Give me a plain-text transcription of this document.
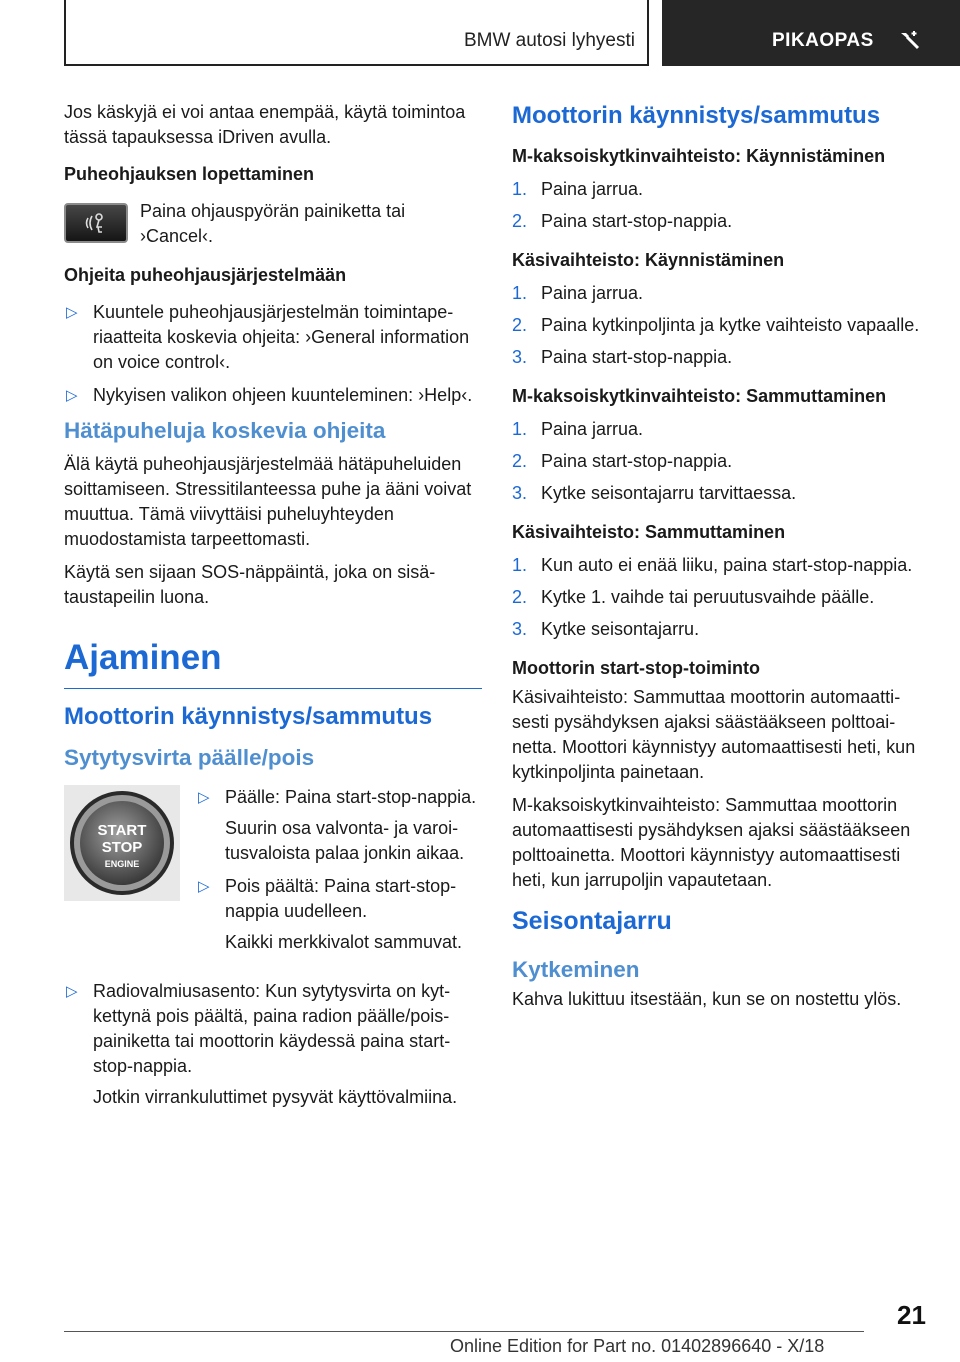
BMW autosi lyhyesti	PIKAOPAS

Jos käskyjä ei voi antaa enempää, käytä toimintoa tässä tapauksessa iDriven avulla.

Puheohjauksen lopettaminen
Paina ohjauspyörän painiketta tai ›Cancel‹.
Ohjeita puheohjausjärjestelmään
▷ Kuuntele puheohjausjärjestelmän toimintaperiaatteita koskevia ohjeita: ›General information on voice control‹.
▷ Nykyisen valikon ohjeen kuunteleminen: ›Help‹.
Hätäpuheluja koskevia ohjeita

Älä käytä puheohjausjärjestelmää hätäpuheluiden soittamiseen. Stressitilanteessa puhe ja ääni voivat muuttua. Tämä viivyttäisi puheluyhteyden muodostamista tarpeettomasti.

Käytä sen sijaan SOS-näppäintä, joka on sisätaustapeilin luona.

Ajaminen
Moottorin käynnistys/sammutus
Sytytysvirta päälle/pois
START
STOP
ENGINE
▷ Päälle: Paina start-stop-nappia.
Suurin osa valvonta- ja varoitusvaloista palaa jonkin aikaa.
▷ Pois päältä: Paina start-stop-nappia uudelleen.
Kaikki merkkivalot sammuvat.
▷ Radiovalmiusasento: Kun sytytysvirta on kytkettynä pois päältä, paina radion päälle/pois-painiketta tai moottorin käydessä paina start-stop-nappia.
Jotkin virrankuluttimet pysyvät käyttövalmiina.
Moottorin käynnistys/sammutus
M-kaksoiskytkinvaihteisto: Käynnistäminen
1. Paina jarrua.
2. Paina start-stop-nappia.
Käsivaihteisto: Käynnistäminen
1. Paina jarrua.
2. Paina kytkinpoljinta ja kytke vaihteisto vapaalle.
3. Paina start-stop-nappia.
M-kaksoiskytkinvaihteisto: Sammuttaminen
1. Paina jarrua.
2. Paina start-stop-nappia.
3. Kytke seisontajarru tarvittaessa.
Käsivaihteisto: Sammuttaminen
1. Kun auto ei enää liiku, paina start-stop-nappia.
2. Kytke 1. vaihde tai peruutusvaihde päälle.
3. Kytke seisontajarru.
Moottorin start-stop-toiminto

Käsivaihteisto: Sammuttaa moottorin automaattisesti pysähdyksen ajaksi säästääkseen polttoainetta. Moottori käynnistyy automaattisesti heti, kun kytkinpoljinta painetaan.

M-kaksoiskytkinvaihteisto: Sammuttaa moottorin automaattisesti pysähdyksen ajaksi säästääkseen polttoainetta. Moottori käynnistyy automaattisesti heti, kun jarrupoljin vapautetaan.

Seisontajarru
Kytkeminen

Kahva lukittuu itsestään, kun se on nostettu ylös.

21
Online Edition for Part no. 01402896640 - X/18
